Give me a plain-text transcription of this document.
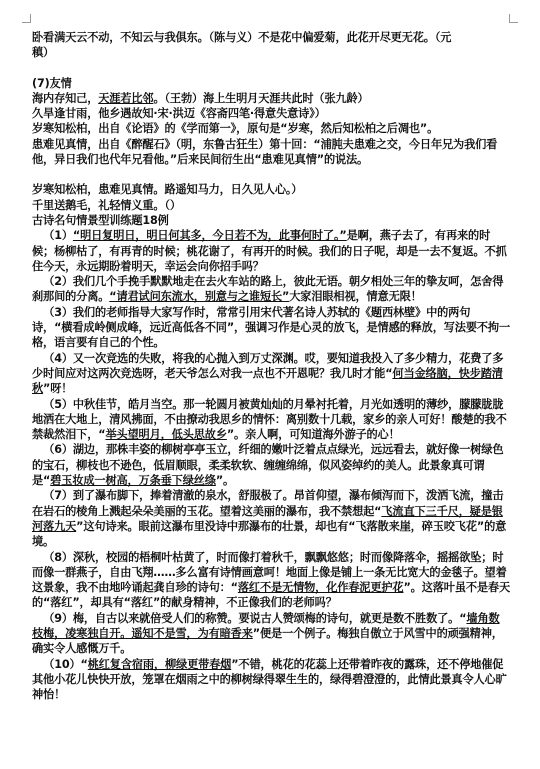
卧看满天云不动，不知云与我俱东。（陈与义）不是花中偏爱菊，此花开尽更无花。（元

稹）

(7)友情

海内存知己，天涯若比邻。（王勃）海上生明月天涯共此时（张九龄）

久旱逢甘雨，他乡遇故知·宋·洪迈《容斋四笔·得意失意诗》）

岁寒知松柏，出自《论语》的《学而第一》，原句是“岁寒，然后知松柏之后凋也”。

患难见真情，出自《醉醒石》（明，东鲁古狂生）第十回：“浦肫夫患难之交，今日年兄为我们看他，异日我们也代年兄看他。”后来民间衍生出“患难见真情”的说法。

岁寒知松柏，患难见真情。路遥知马力，日久见人心。）

千里送鹅毛，礼轻情义重。（）

古诗名句情景型训练题18例

（1）“明日复明日，明日何其多，今日若不为，此事何时了。”是啊，燕子去了，有再来的时候；杨柳枯了，有再青的时候；桃花谢了，有再开的时候。我们的日子呢，却是一去不复返。不抓住今天，永远期盼着明天，幸运会向你招手吗？

（2）我们几个手挽手默默地走在去火车站的路上，彼此无语。朝夕相处三年的挚友呵，怎舍得刹那间的分离。“请君试问东流水，别意与之谁短长”大家泪眼相视，情意无限！

（3）我们的老师指导大家写作时，常常引用宋代著名诗人苏轼的《题西林壁》中的两句诗，“横看成岭侧成峰，远近高低各不同”，强调习作是心灵的放飞，是情感的释放，写法要不拘一格，语言要有自己的个性。

（4）又一次竞选的失败，将我的心抛入到万丈深渊。哎，要知道我投入了多少精力，花费了多少时间应对这两次竞选呀，老天爷怎么对我一点也不开恩呢？我几时才能“何当金络脑，快步踏清秋”呀！

（5）中秋佳节，皓月当空。那一轮圆月被黄灿灿的月晕衬托着，月光如透明的薄纱，朦朦胧胧地洒在大地上，清风拂面，不由撩动我思乡的情怀：离别数十几载，家乡的亲人可好！酸楚的我不禁裁然泪下，“举头望明月，低头思故乡”。亲人啊，可知道海外游子的心！

（6）湖边，那株丰姿的柳树亭亭玉立，纤细的嫩叶泛着点点绿光，远远看去，就好像一树绿色的宝石，柳枝也不逊色，低眉顺眼，柔柔软软、缠缠绵绵，似风姿绰约的美人。此景象真可谓是“碧玉妆成一树高，万条垂下绿丝绦”。

（7）到了瀑布脚下，捧着清澈的泉水，舒服极了。昂首仰望，瀑布倾泻而下，泼洒飞流，撞击在岩石的棱角上溅起朵朵美丽的玉花。望着这美丽的瀑布，我不禁想起“飞流直下三千尺，疑是银河落九天”这句诗来。眼前这瀑布里没诗中那瀑布的壮景，却也有“飞落散来崖，碎玉咬飞花”的意境。

（8）深秋，校园的梧桐叶枯黄了，时而像打着秋千，飘飘悠悠；时而像降落伞，摇摇欲坠；时而像一群燕子，自由飞翔……多么富有诗情画意呵！地面上像是铺上一条无比宽大的金毯子。望着这景象，我不由地吟诵起龚自珍的诗句：“落红不是无情物，化作春泥更护花”。这落叶虽不是春天的“落红”，却具有“落红”的献身精神，不正像我们的老师吗？

（9）梅，自古以来就倍受人们的称赞。要说古人赞颂梅的诗句，就更是数不胜数了。“墙角数枝梅，凌寒独自开。遥知不是雪，为有暗香来”便是一个例子。梅独自傲立于风雪中的顽强精神，确实令人感慨万千。

（10）“桃红复含宿雨，柳绿更带春烟”不错，桃花的花蕊上还带着昨夜的露珠，还不停地催促其他小花儿快快开放，笼罩在烟雨之中的柳树绿得翠生生的，绿得碧澄澄的，此情此景真令人心旷神怡！
